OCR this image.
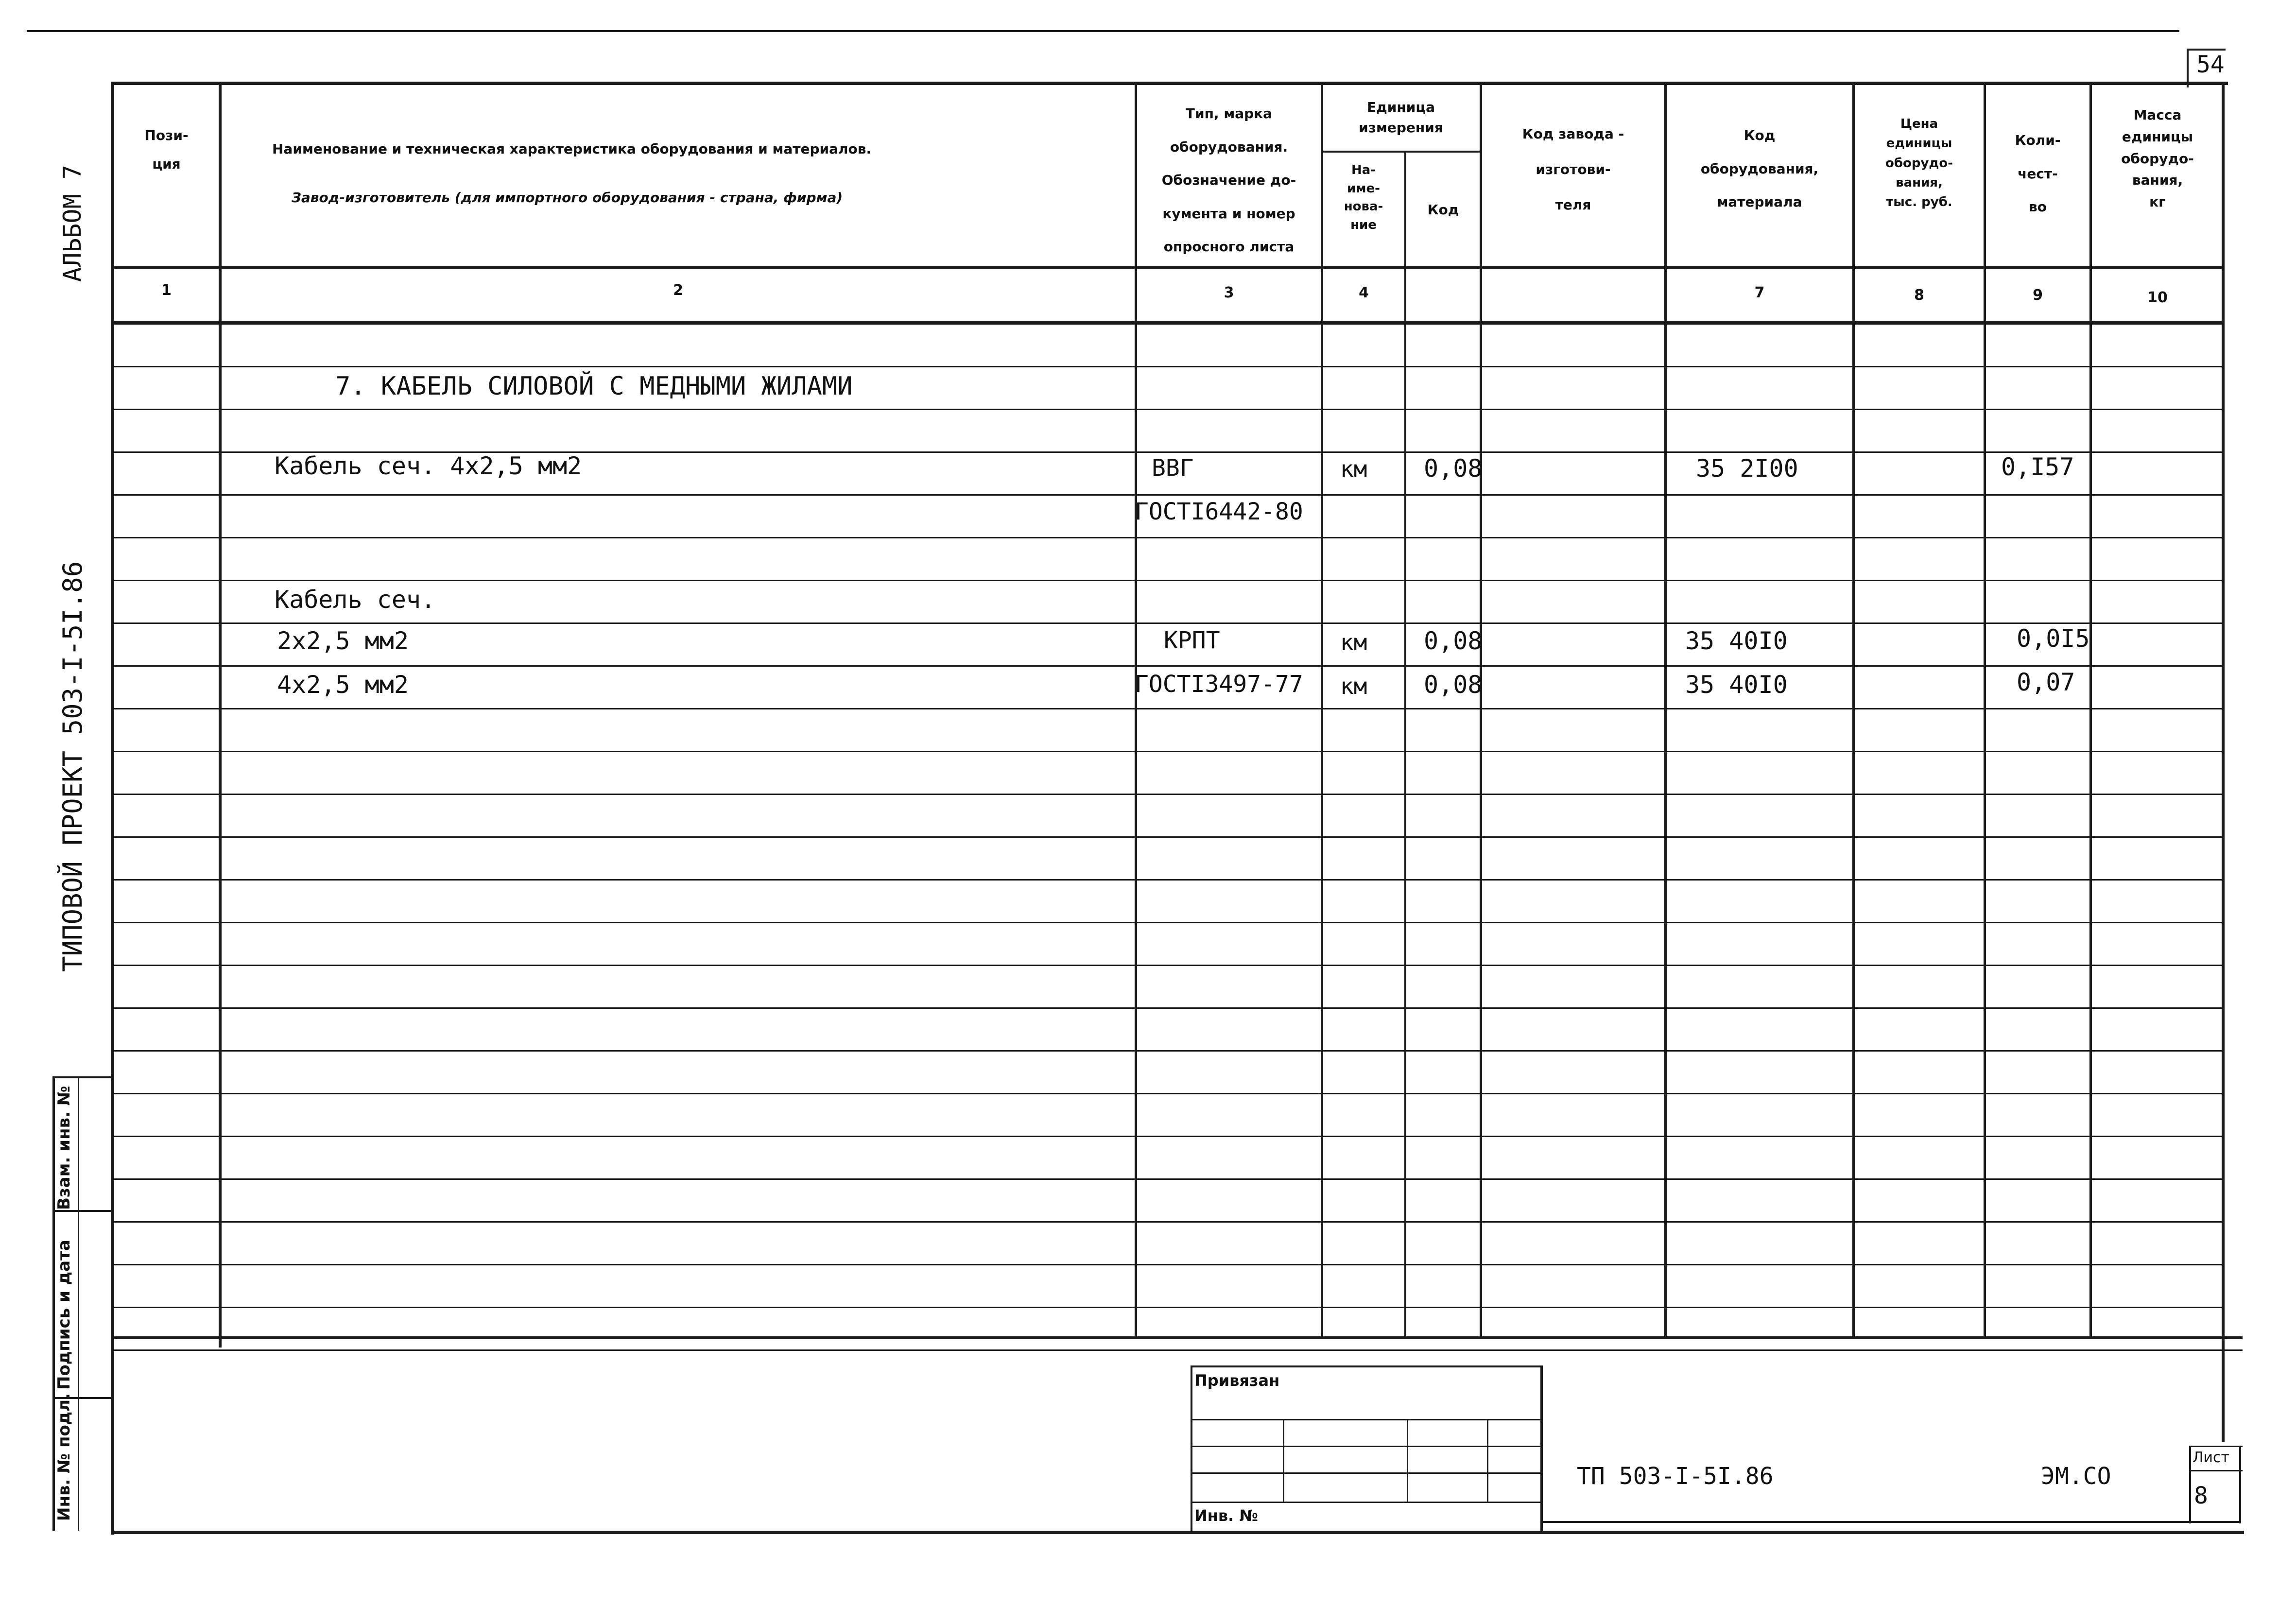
54
АЛЬБОМ 7
ТИПОВОЙ ПРОЕКТ 503-I-5I.86
Взам. инв. №
Подпись и дата
Инв. № подл.
Пози-
ция
Наименование и техническая характеристика оборудования и материалов.
Завод-изготовитель (для импортного оборудования - страна, фирма)
Тип, марка
оборудования.
Обозначение до-
кумента и номер
опросного листа
Единица
измерения
На-
име-
нова-
ние
Код
Код завода -
изготови-
теля
Код
оборудования,
материала
Цена
единицы
оборудо-
вания,
тыс. руб.
Коли-
чест-
во
Масса
единицы
оборудо-
вания,
кг
1	2	3	4	7	8	9	10
7. КАБЕЛЬ СИЛОВОЙ С МЕДНЫМИ ЖИЛАМИ
Кабель сеч. 4х2,5 мм2	ВВГ	км 0,08	35 2I00	0,I57
ГОСТI6442-80
Кабель сеч.
2х2,5 мм2	КРПТ	км 0,08	35 40I0	0,0I5
4х2,5 мм2	ГОСТI3497-77 км 0,08	35 40I0	0,07
Привязан
Инв. №
ТП 503-I-5I.86	ЭМ.СО
Лист
8
